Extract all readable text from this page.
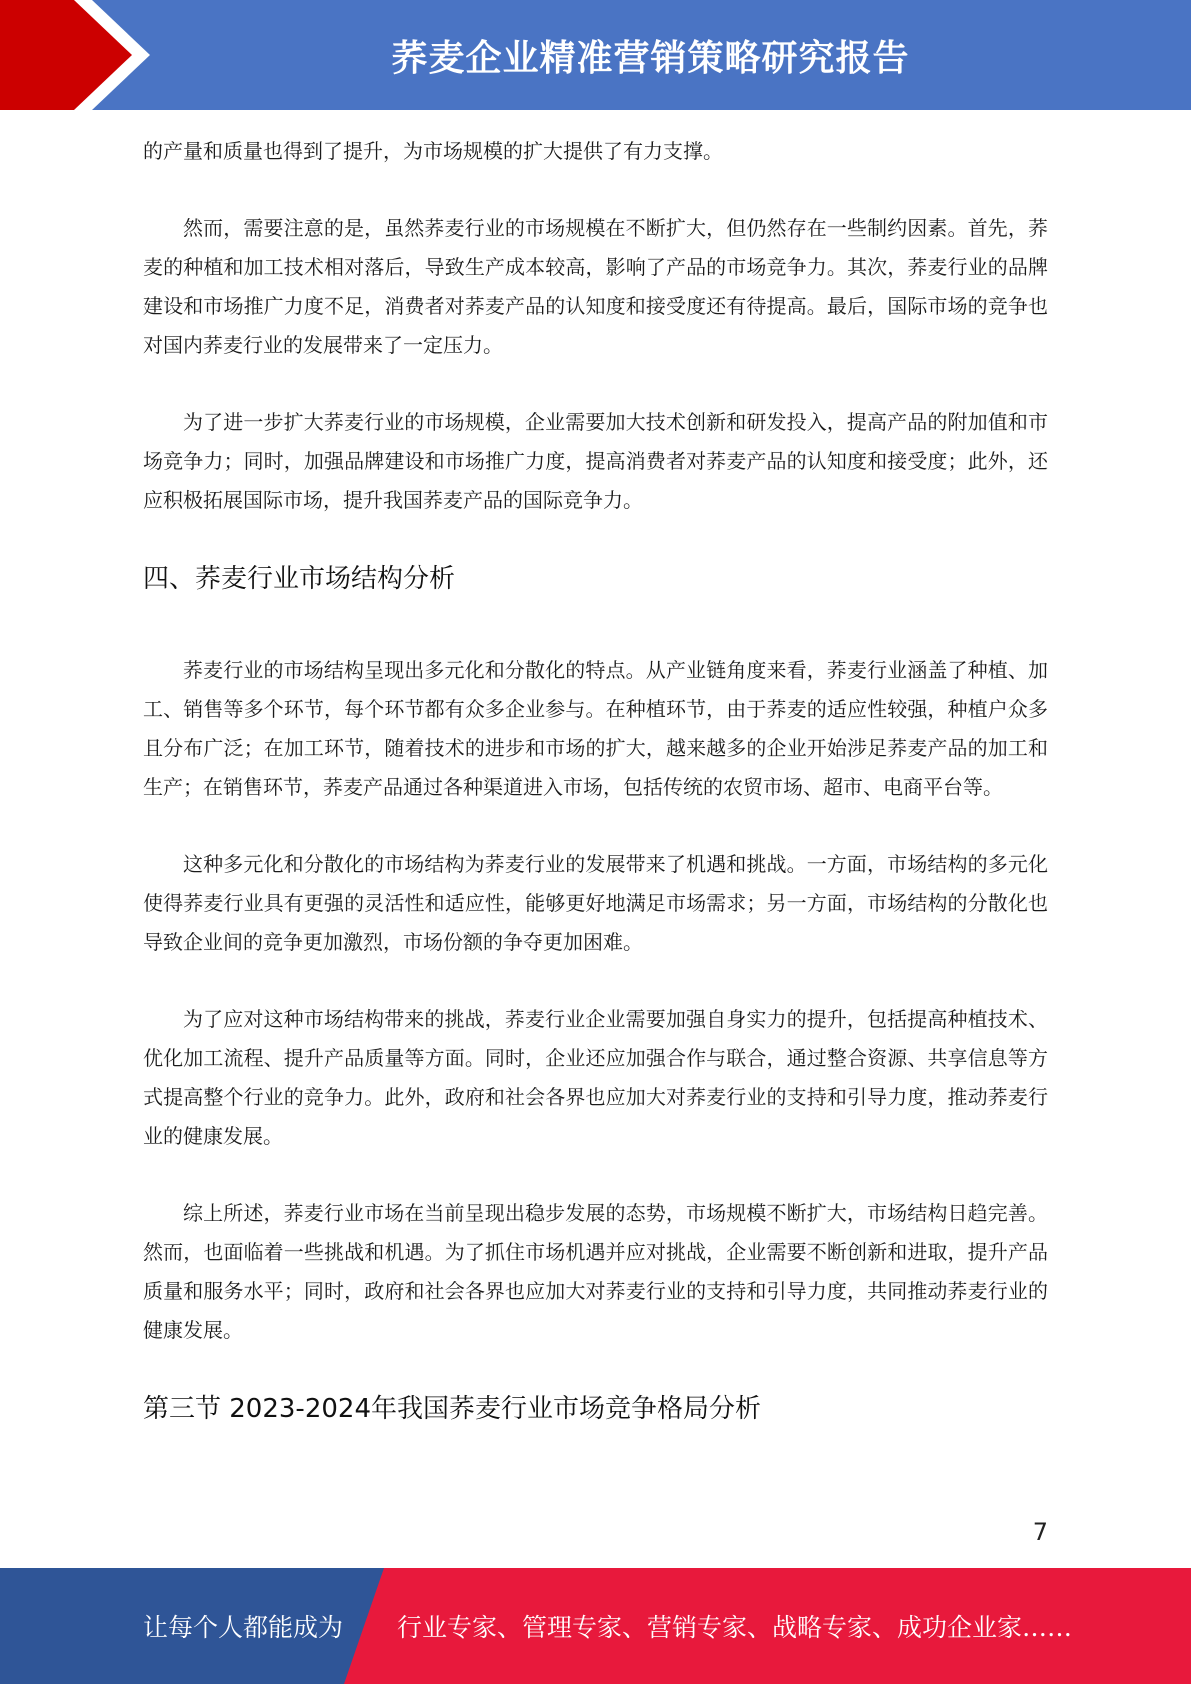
荞麦企业精准营销策略研究报告

的产量和质量也得到了提升，为市场规模的扩大提供了有力支撑。

然而，需要注意的是，虽然荞麦行业的市场规模在不断扩大，但仍然存在一些制约因素。首先，荞麦的种植和加工技术相对落后，导致生产成本较高，影响了产品的市场竞争力。其次，荞麦行业的品牌建设和市场推广力度不足，消费者对荞麦产品的认知度和接受度还有待提高。最后，国际市场的竞争也对国内荞麦行业的发展带来了一定压力。

为了进一步扩大荞麦行业的市场规模，企业需要加大技术创新和研发投入，提高产品的附加值和市场竞争力；同时，加强品牌建设和市场推广力度，提高消费者对荞麦产品的认知度和接受度；此外，还应积极拓展国际市场，提升我国荞麦产品的国际竞争力。

四、荞麦行业市场结构分析

荞麦行业的市场结构呈现出多元化和分散化的特点。从产业链角度来看，荞麦行业涵盖了种植、加工、销售等多个环节，每个环节都有众多企业参与。在种植环节，由于荞麦的适应性较强，种植户众多且分布广泛；在加工环节，随着技术的进步和市场的扩大，越来越多的企业开始涉足荞麦产品的加工和生产；在销售环节，荞麦产品通过各种渠道进入市场，包括传统的农贸市场、超市、电商平台等。

这种多元化和分散化的市场结构为荞麦行业的发展带来了机遇和挑战。一方面，市场结构的多元化使得荞麦行业具有更强的灵活性和适应性，能够更好地满足市场需求；另一方面，市场结构的分散化也导致企业间的竞争更加激烈，市场份额的争夺更加困难。

为了应对这种市场结构带来的挑战，荞麦行业企业需要加强自身实力的提升，包括提高种植技术、优化加工流程、提升产品质量等方面。同时，企业还应加强合作与联合，通过整合资源、共享信息等方式提高整个行业的竞争力。此外，政府和社会各界也应加大对荞麦行业的支持和引导力度，推动荞麦行业的健康发展。

综上所述，荞麦行业市场在当前呈现出稳步发展的态势，市场规模不断扩大，市场结构日趋完善。然而，也面临着一些挑战和机遇。为了抓住市场机遇并应对挑战，企业需要不断创新和进取，提升产品质量和服务水平；同时，政府和社会各界也应加大对荞麦行业的支持和引导力度，共同推动荞麦行业的健康发展。

第三节 2023-2024年我国荞麦行业市场竞争格局分析
7
让每个人都能成为 行业专家、管理专家、营销专家、战略专家、成功企业家……
